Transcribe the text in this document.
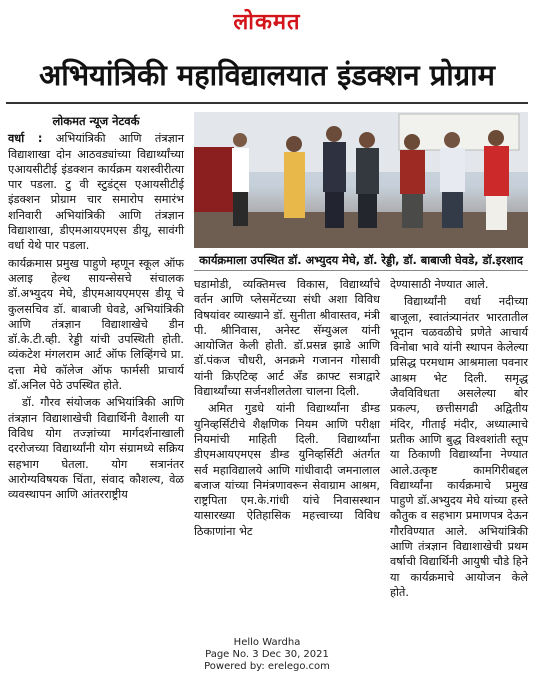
लोकमत
अभियांत्रिकी महाविद्यालयात इंडक्शन प्रोग्राम
लोकमत न्यूज नेटवर्क

वर्धा : अभियांत्रिकी आणि तंत्रज्ञान विद्याशाखा दोन आठवड्यांच्या विद्यार्थ्यांच्या एआयसीटीई इंडक्शन कार्यक्रम यशस्वीरीत्या पार पडला. टु वी स्टुडंट्स एआयसीटीई इंडक्शन प्रोग्राम चार समारोप समारंभ शनिवारी अभियांत्रिकी आणि तंत्रज्ञान विद्याशाखा, डीएमआयएमएस डीयू, सावंगी वर्धा येथे पार पडला.

कार्यक्रमास प्रमुख पाहुणे म्हणून स्कूल ऑफ अलाइ हेल्थ सायन्सेसचे संचालक डॉ.अभ्युदय मेघे, डीएमआयएमएस डीयू चे कुलसचिव डॉ. बाबाजी घेवडे, अभियांत्रिकी आणि तंत्रज्ञान विद्याशाखेचे डीन डॉ.के.टी.व्ही. रेड्डी यांची उपस्थिती होती. व्यंकटेश मंगलराम आर्ट ऑफ लिव्हिंगचे प्रा. दत्ता मेघे कॉलेज ऑफ फार्मसी प्राचार्य डॉ.अनिल पेठे उपस्थित होते.

डॉ. गौरव संयोजक अभियांत्रिकी आणि तंत्रज्ञान विद्याशाखेची विद्यार्थिनी वैशाली या विविध योग तज्ज्ञांच्या मार्गदर्शनाखाली दररोजच्या विद्यार्थ्यांनी योग संग्रामध्ये सक्रिय सहभाग घेतला. योग सत्रानंतर आरोग्यविषयक चिंता, संवाद कौशल्य, वेळ व्यवस्थापन आणि आंतरराष्ट्रीय

कार्यक्रमाला उपस्थित डॉ. अभ्युदय मेघे, डॉ. रेड्डी, डॉ. बाबाजी घेवडे, डॉ.इरशाद

घडामोडी, व्यक्तिमत्त्व विकास, विद्यार्थ्यांचे वर्तन आणि प्लेसमेंटच्या संधी अशा विविध विषयांवर व्याख्याने डॉ. सुनीता श्रीवास्तव, मंत्री पी. श्रीनिवास, अनेस्ट सॅम्युअल यांनी आयोजित केली होती. डॉ.प्रसन्न झाडे आणि डॉ.पंकज चौधरी, अनक्रमे गजानन गोसावी यांनी क्रिएटिव्ह आर्ट ॲंड क्राफ्ट सत्राद्वारे विद्यार्थ्यांच्या सर्जनशीलतेला चालना दिली.

अमित गुडधे यांनी विद्यार्थ्यांना डीम्ड युनिव्हर्सिटीचे शैक्षणिक नियम आणि परीक्षा नियमांची माहिती दिली. विद्यार्थ्यांना डीएमआयएमएस डीम्ड युनिव्हर्सिटी अंतर्गत सर्व महाविद्यालये आणि गांधीवादी जमनालाल बजाज यांच्या निमंत्रणावरून सेवाग्राम आश्रम, राष्ट्रपिता एम.के.गांधी यांचे निवासस्थान यासारख्या ऐतिहासिक महत्त्वाच्या विविध ठिकाणांना भेट

देण्यासाठी नेण्यात आले.

विद्यार्थ्यांनी वर्धा नदीच्या बाजूला, स्वातंत्र्यानंतर भारतातील भूदान चळवळीचे प्रणेते आचार्य विनोबा भावे यांनी स्थापन केलेल्या प्रसिद्ध परमधाम आश्रमाला पवनार आश्रम भेट दिली. समृद्ध जैवविविधता असलेल्या बोर प्रकल्प, छत्तीसगढी अद्वितीय मंदिर, गीताई मंदीर, अध्यात्माचे प्रतीक आणि बुद्ध विश्वशांती स्तूप या ठिकाणी विद्यार्थ्यांना नेण्यात आले.उत्कृष्ट कामगिरीबद्दल विद्यार्थ्यांना कार्यक्रमाचे प्रमुख पाहुणे डॉ.अभ्युदय मेघे यांच्या हस्ते कौतुक व सहभाग प्रमाणपत्र देऊन गौरविण्यात आले. अभियांत्रिकी आणि तंत्रज्ञान विद्याशाखेची प्रथम वर्षाची विद्यार्थिनी आयुषी चौडे हिने या कार्यक्रमाचे आयोजन केले होते.

Hello Wardha
Page No. 3 Dec 30, 2021
Powered by: erelego.com
